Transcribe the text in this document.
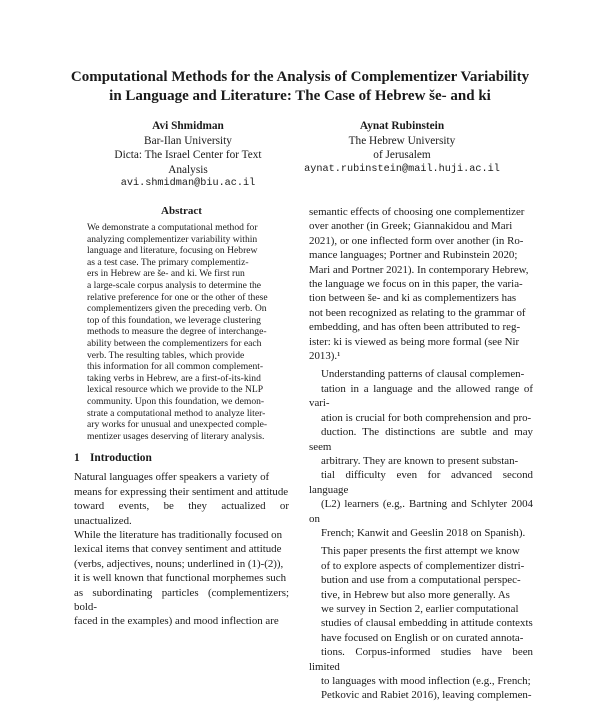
Computational Methods for the Analysis of Complementizer Variability
in Language and Literature: The Case of Hebrew še- and ki
Avi Shmidman
Bar-Ilan University
Dicta: The Israel Center for Text Analysis
avi.shmidman@biu.ac.il
Aynat Rubinstein
The Hebrew University
of Jerusalem
aynat.rubinstein@mail.huji.ac.il
Abstract
We demonstrate a computational method for
analyzing complementizer variability within
language and literature, focusing on Hebrew
as a test case. The primary complementiz-
ers in Hebrew are še- and ki. We first run
a large-scale corpus analysis to determine the
relative preference for one or the other of these
complementizers given the preceding verb. On
top of this foundation, we leverage clustering
methods to measure the degree of interchange-
ability between the complementizers for each
verb. The resulting tables, which provide
this information for all common complement-
taking verbs in Hebrew, are a first-of-its-kind
lexical resource which we provide to the NLP
community. Upon this foundation, we demon-
strate a computational method to analyze liter-
ary works for unusual and unexpected comple-
mentizer usages deserving of literary analysis.
1 Introduction
Natural languages offer speakers a variety of
means for expressing their sentiment and attitude
toward events, be they actualized or unactualized.
While the literature has traditionally focused on
lexical items that convey sentiment and attitude
(verbs, adjectives, nouns; underlined in (1)-(2)),
it is well known that functional morphemes such
as subordinating particles (complementizers; bold-
faced in the examples) and mood inflection are
semantic effects of choosing one complementizer
over another (in Greek; Giannakidou and Mari
2021), or one inflected form over another (in Ro-
mance languages; Portner and Rubinstein 2020;
Mari and Portner 2021). In contemporary Hebrew,
the language we focus on in this paper, the varia-
tion between še- and ki as complementizers has
not been recognized as relating to the grammar of
embedding, and has often been attributed to reg-
ister: ki is viewed as being more formal (see Nir
2013).¹
Understanding patterns of clausal complemen-
tation in a language and the allowed range of vari-
ation is crucial for both comprehension and pro-
duction. The distinctions are subtle and may seem
arbitrary. They are known to present substan-
tial difficulty even for advanced second language
(L2) learners (e.g,. Bartning and Schlyter 2004 on
French; Kanwit and Geeslin 2018 on Spanish).
This paper presents the first attempt we know
of to explore aspects of complementizer distri-
bution and use from a computational perspec-
tive, in Hebrew but also more generally. As
we survey in Section 2, earlier computational
studies of clausal embedding in attitude contexts
have focused on English or on curated annota-
tions. Corpus-informed studies have been limited
to languages with mood inflection (e.g., French;
Petkovic and Rabiet 2016), leaving complemen-
